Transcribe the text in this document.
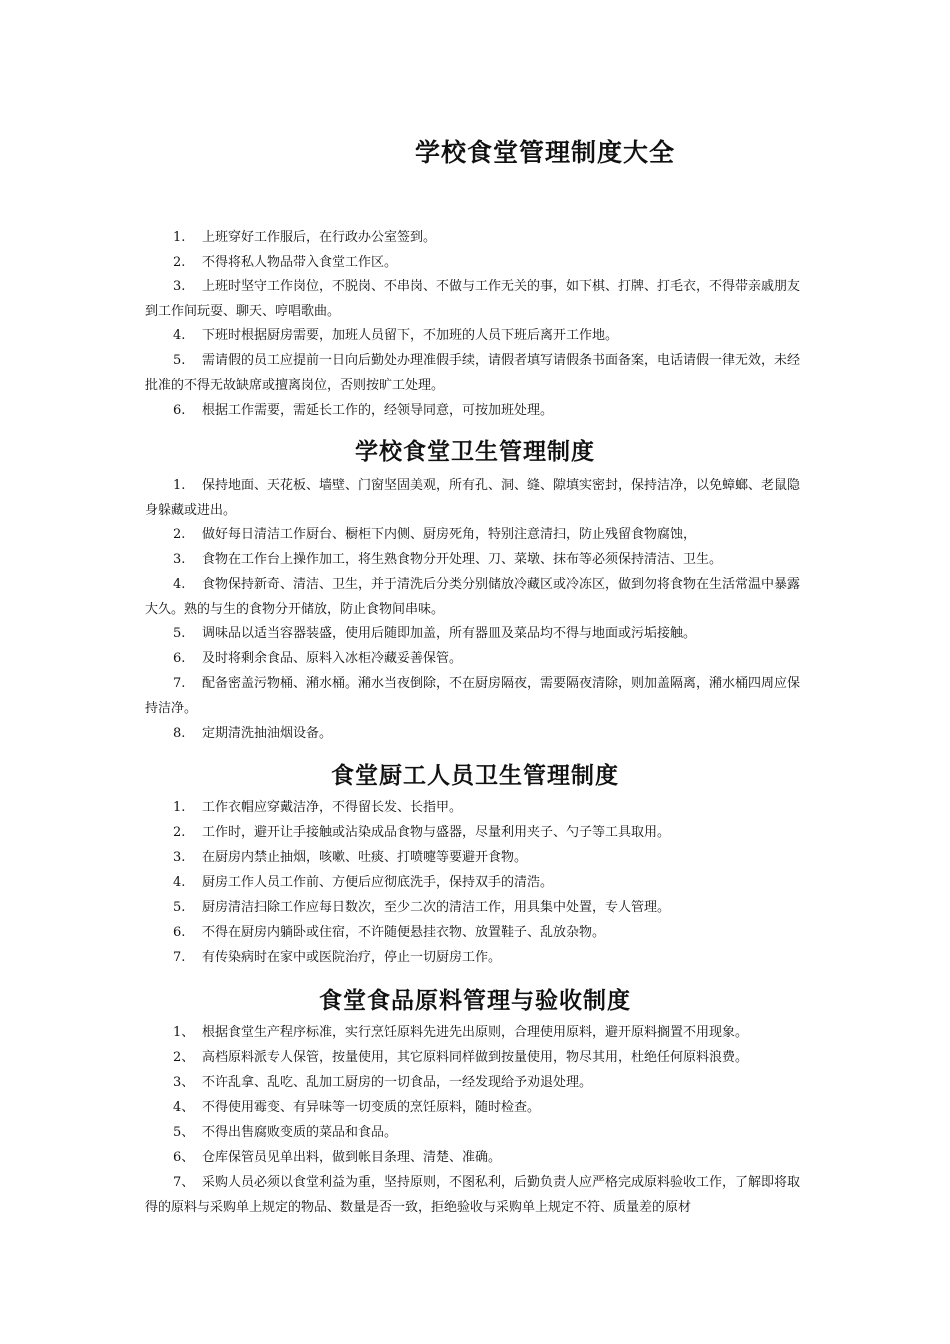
学校食堂管理制度大全
1. 上班穿好工作服后，在行政办公室签到。
2. 不得将私人物品带入食堂工作区。
3. 上班时坚守工作岗位，不脱岗、不串岗、不做与工作无关的事，如下棋、打牌、打毛衣，不得带亲戚朋友到工作间玩耍、聊天、哼唱歌曲。
4. 下班时根据厨房需要，加班人员留下，不加班的人员下班后离开工作地。
5. 需请假的员工应提前一日向后勤处办理准假手续，请假者填写请假条书面备案，电话请假一律无效，未经批准的不得无故缺席或擅离岗位，否则按旷工处理。
6. 根据工作需要，需延长工作的，经领导同意，可按加班处理。
学校食堂卫生管理制度
1. 保持地面、天花板、墙壁、门窗坚固美观，所有孔、洞、缝、隙填实密封，保持洁净，以免蟑螂、老鼠隐身躲藏或进出。
2. 做好每日清洁工作厨台、橱柜下内侧、厨房死角，特别注意清扫，防止残留食物腐蚀，
3. 食物在工作台上操作加工，将生熟食物分开处理、刀、菜墩、抹布等必须保持清洁、卫生。
4. 食物保持新奇、清洁、卫生，并于清洗后分类分别储放冷藏区或冷冻区，做到勿将食物在生活常温中暴露大久。熟的与生的食物分开储放，防止食物间串味。
5. 调味品以适当容器装盛，使用后随即加盖，所有器皿及菜品均不得与地面或污垢接触。
6. 及时将剩余食品、原料入冰柜冷藏妥善保管。
7. 配备密盖污物桶、潲水桶。潲水当夜倒除，不在厨房隔夜，需要隔夜清除，则加盖隔离，潲水桶四周应保持洁净。
8. 定期清洗抽油烟设备。
食堂厨工人员卫生管理制度
1. 工作衣帽应穿戴洁净，不得留长发、长指甲。
2. 工作时，避开让手接触或沾染成品食物与盛器，尽量利用夹子、勺子等工具取用。
3. 在厨房内禁止抽烟，咳嗽、吐痰、打喷嚏等要避开食物。
4. 厨房工作人员工作前、方便后应彻底洗手，保持双手的清浩。
5. 厨房清洁扫除工作应每日数次，至少二次的清洁工作，用具集中处置，专人管理。
6. 不得在厨房内躺卧或住宿，不许随便悬挂衣物、放置鞋子、乱放杂物。
7. 有传染病时在家中或医院治疗，停止一切厨房工作。
食堂食品原料管理与验收制度
1、 根据食堂生产程序标准，实行烹饪原料先进先出原则，合理使用原料，避开原料搁置不用现象。
2、 高档原料派专人保管，按量使用，其它原料同样做到按量使用，物尽其用，杜绝任何原料浪费。
3、 不许乱拿、乱吃、乱加工厨房的一切食品，一经发现给予劝退处理。
4、 不得使用霉变、有异味等一切变质的烹饪原料，随时检查。
5、 不得出售腐败变质的菜品和食品。
6、 仓库保管员见单出料，做到帐目条理、清楚、准确。
7、 采购人员必须以食堂利益为重，坚持原则，不图私利，后勤负责人应严格完成原料验收工作，了解即将取得的原料与采购单上规定的物品、数量是否一致，拒绝验收与采购单上规定不符、质量差的原材
